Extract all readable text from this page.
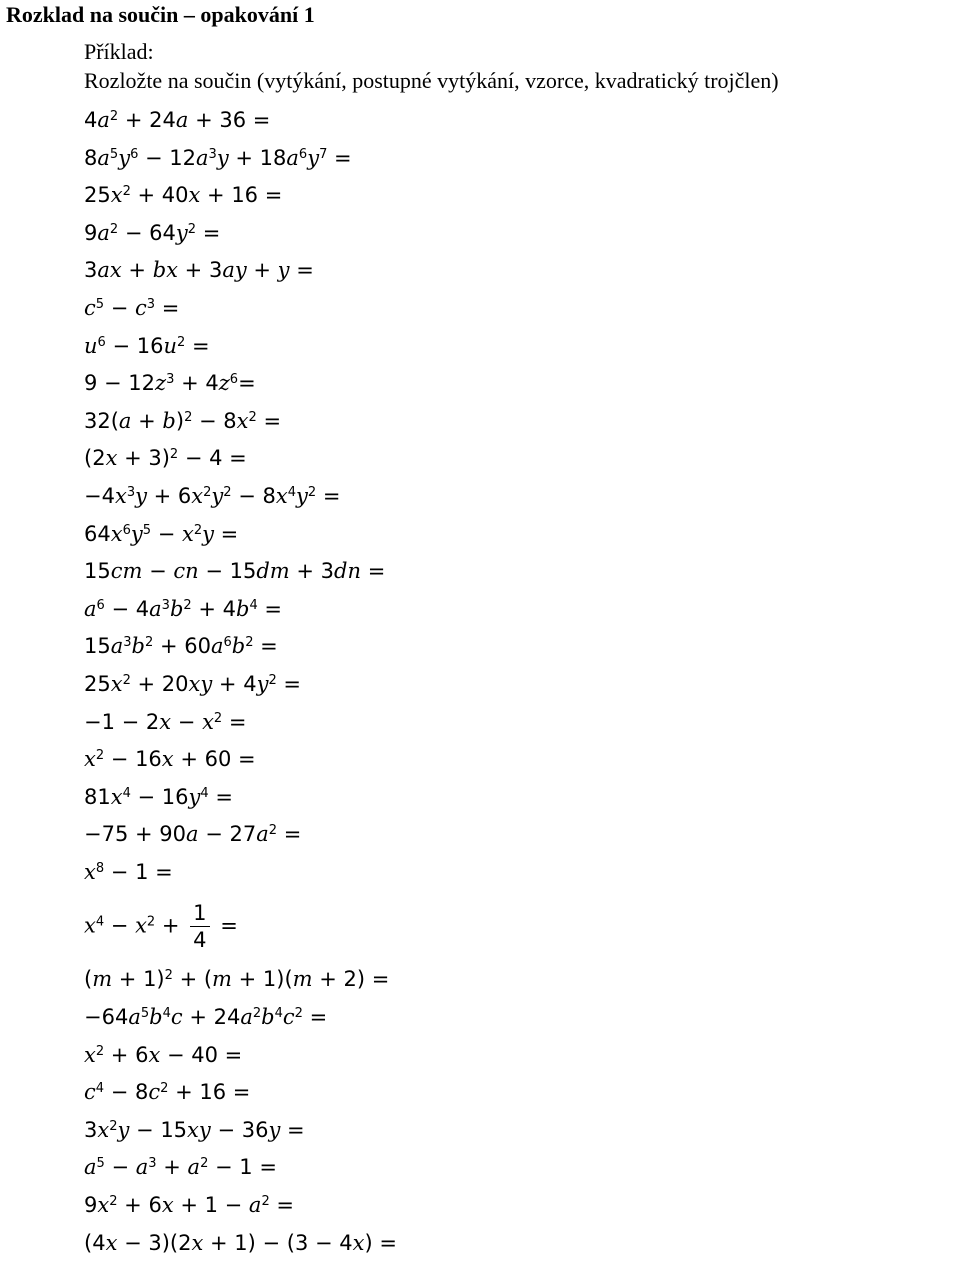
Rozklad na součin – opakování 1
Příklad:
Rozložte na součin (vytýkání, postupné vytýkání, vzorce, kvadratický trojčlen)
$4a^2 + 24a + 36$ =
$8a^5y^6 - 12a^3y + 18a^6y^7$ =
$25x^2 + 40x + 16$ =
$9a^2 - 64y^2$ =
3ax + bx + 3ay + y =
$c^5 - c^3$ =
$u^6 - 16u^2$ =
$9 - 12z^3 + 4z^6=$
$32(a + b)^2 - 8x^2$ =
$(2x + 3)^2 - 4$ =
$-4x^3y + 6x^2y^2 - 8x^4y^2$ =
$64x^6y^5 - x^2y$ =
15cm − cn − 15dm + 3dn =
$a^6 - 4a^3b^2 + 4b^4$ =
$15a^3b^2 + 60a^6b^2$ =
$25x^2 + 20xy + 4y^2$ =
$-1 - 2x - x^2$ =
$x^2 - 16x + 60$ =
$81x^4 - 16y^4$ =
$-75 + 90a - 27a^2$ =
$x^8 - 1$ =
$x^4 - x^2 + \frac{1}{4}$ =
$(m + 1)^2 + (m + 1)(m + 2)$ =
$-64a^5b^4c + 24a^2b^4c^2$ =
$x^2 + 6x - 40$ =
$c^4 - 8c^2 + 16$ =
$3x^2y - 15xy - 36y$ =
$a^5 - a^3 + a^2 - 1$ =
$9x^2 + 6x + 1 - a^2$ =
(4x − 3)(2x + 1) − (3 − 4x) =
